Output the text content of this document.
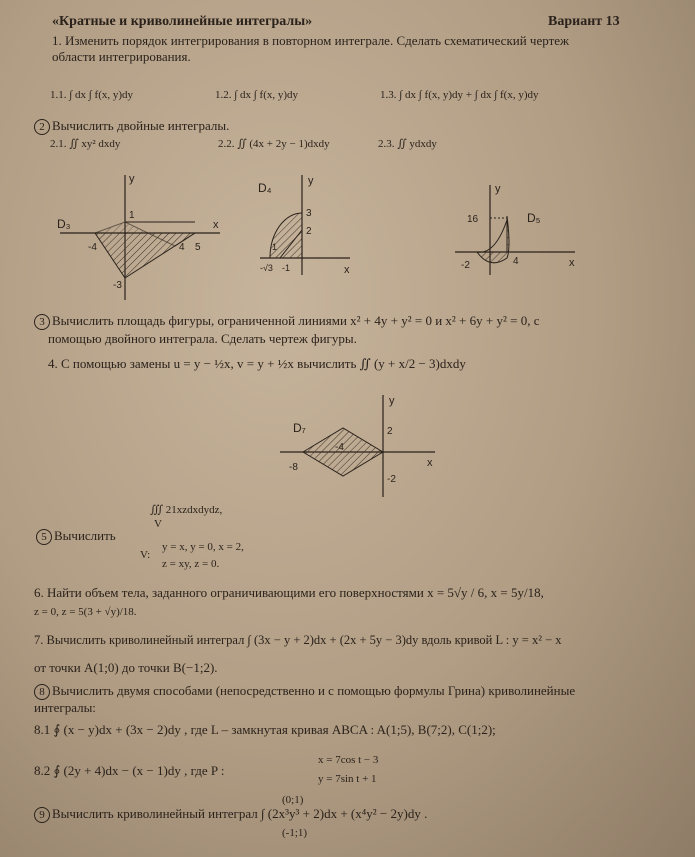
«Кратные и криволинейные интегралы»	Вариант 13
1. Изменить порядок интегрирования в повторном интеграле. Сделать схематический чертеж
области интегрирования.
1.1. ∫ dx ∫ f(x, y)dy	1.2. ∫ dx ∫ f(x, y)dy	1.3. ∫ dx ∫ f(x, y)dy + ∫ dx ∫ f(x, y)dy
2 Вычислить двойные интегралы.
2.1. ∬ xy² dxdy	2.2. ∬ (4x + 2y − 1)dxdy	2.3. ∬ ydxdy
D₃	x
y
1
-4	4 5
-3
D₄
x
y
3
2
1
-√3 -1
D₅
x
y
16
-2	4
3 Вычислить площадь фигуры, ограниченной линиями x² + 4y + y² = 0 и x² + 6y + y² = 0, с
помощью двойного интеграла. Сделать чертеж фигуры.
4. С помощью замены u = y − ½x, v = y + ½x вычислить ∬ (y + x/2 − 3)dxdy
D₇
x
y
2
-2
-8
-4
∭ 21xzdxdydz,
V
5 Вычислить
V:
y = x, y = 0, x = 2,
z = xy, z = 0.
6. Найти объем тела, заданного ограничивающими его поверхностями x = 5√y / 6, x = 5y/18,
z = 0, z = 5(3 + √y)/18.
7. Вычислить криволинейный интеграл ∫ (3x − y + 2)dx + (2x + 5y − 3)dy вдоль кривой L : y = x² − x
от точки A(1;0) до точки B(−1;2).
8 Вычислить двумя способами (непосредственно и с помощью формулы Грина) криволинейные
интегралы:
8.1 ∮ (x − y)dx + (3x − 2)dy , где L – замкнутая кривая ABCA : A(1;5), B(7;2), C(1;2);
8.2 ∮ (2y + 4)dx − (x − 1)dy , где P :
x = 7cos t − 3
y = 7sin t + 1
(0;1)
9 Вычислить криволинейный интеграл ∫ (2x³y³ + 2)dx + (x⁴y² − 2y)dy .
(-1;1)
